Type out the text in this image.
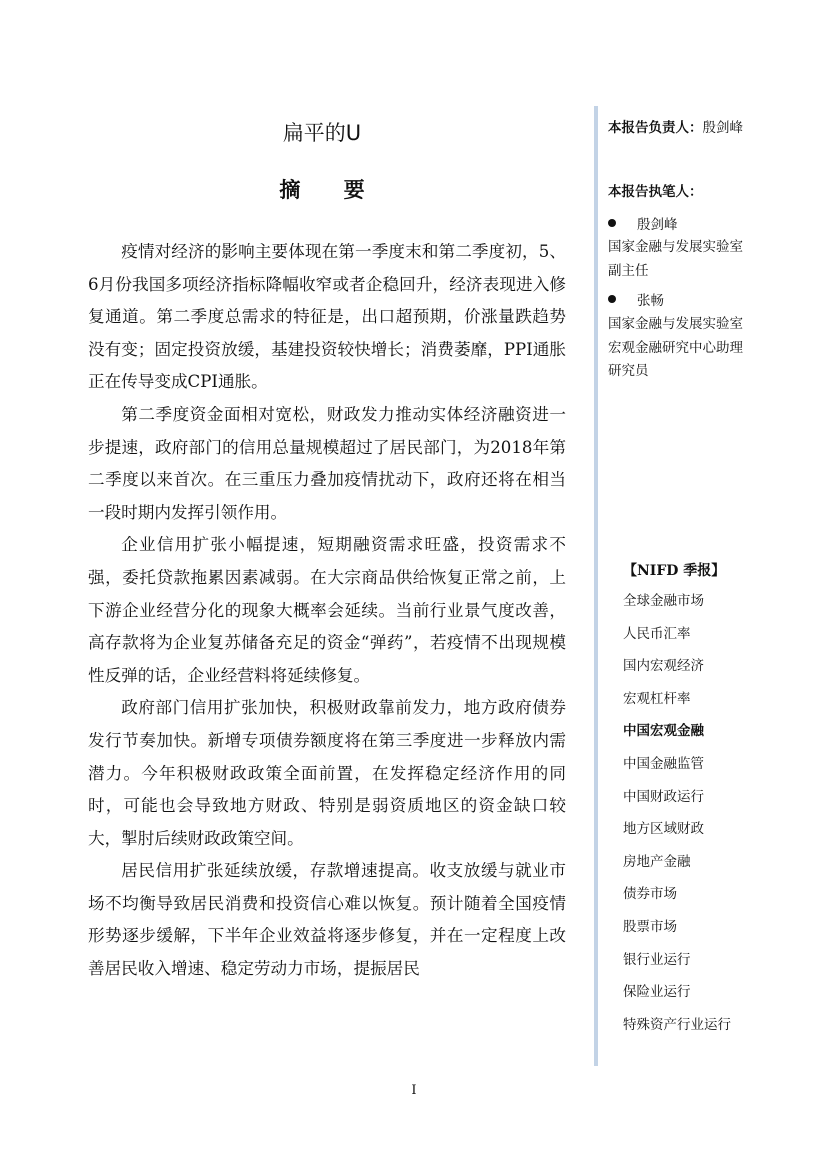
扁平的U
摘 要

疫情对经济的影响主要体现在第一季度末和第二季度初，5、6月份我国多项经济指标降幅收窄或者企稳回升，经济表现进入修复通道。第二季度总需求的特征是，出口超预期，价涨量跌趋势没有变；固定投资放缓，基建投资较快增长；消费萎靡，PPI通胀正在传导变成CPI通胀。

第二季度资金面相对宽松，财政发力推动实体经济融资进一步提速，政府部门的信用总量规模超过了居民部门，为2018年第二季度以来首次。在三重压力叠加疫情扰动下，政府还将在相当一段时期内发挥引领作用。

企业信用扩张小幅提速，短期融资需求旺盛，投资需求不强，委托贷款拖累因素减弱。在大宗商品供给恢复正常之前，上下游企业经营分化的现象大概率会延续。当前行业景气度改善，高存款将为企业复苏储备充足的资金“弹药”，若疫情不出现规模性反弹的话，企业经营料将延续修复。

政府部门信用扩张加快，积极财政靠前发力，地方政府债券发行节奏加快。新增专项债券额度将在第三季度进一步释放内需潜力。今年积极财政政策全面前置，在发挥稳定经济作用的同时，可能也会导致地方财政、特别是弱资质地区的资金缺口较大，掣肘后续财政政策空间。

居民信用扩张延续放缓，存款增速提高。收支放缓与就业市场不均衡导致居民消费和投资信心难以恢复。预计随着全国疫情形势逐步缓解，下半年企业效益将逐步修复，并在一定程度上改善居民收入增速、稳定劳动力市场，提振居民

本报告负责人：殷剑峰
本报告执笔人：
殷剑峰
国家金融与发展实验室
副主任
张畅
国家金融与发展实验室
宏观金融研究中心助理
研究员
【NIFD 季报】
全球金融市场
人民币汇率
国内宏观经济
宏观杠杆率
中国宏观金融
中国金融监管
中国财政运行
地方区域财政
房地产金融
债券市场
股票市场
银行业运行
保险业运行
特殊资产行业运行
I
